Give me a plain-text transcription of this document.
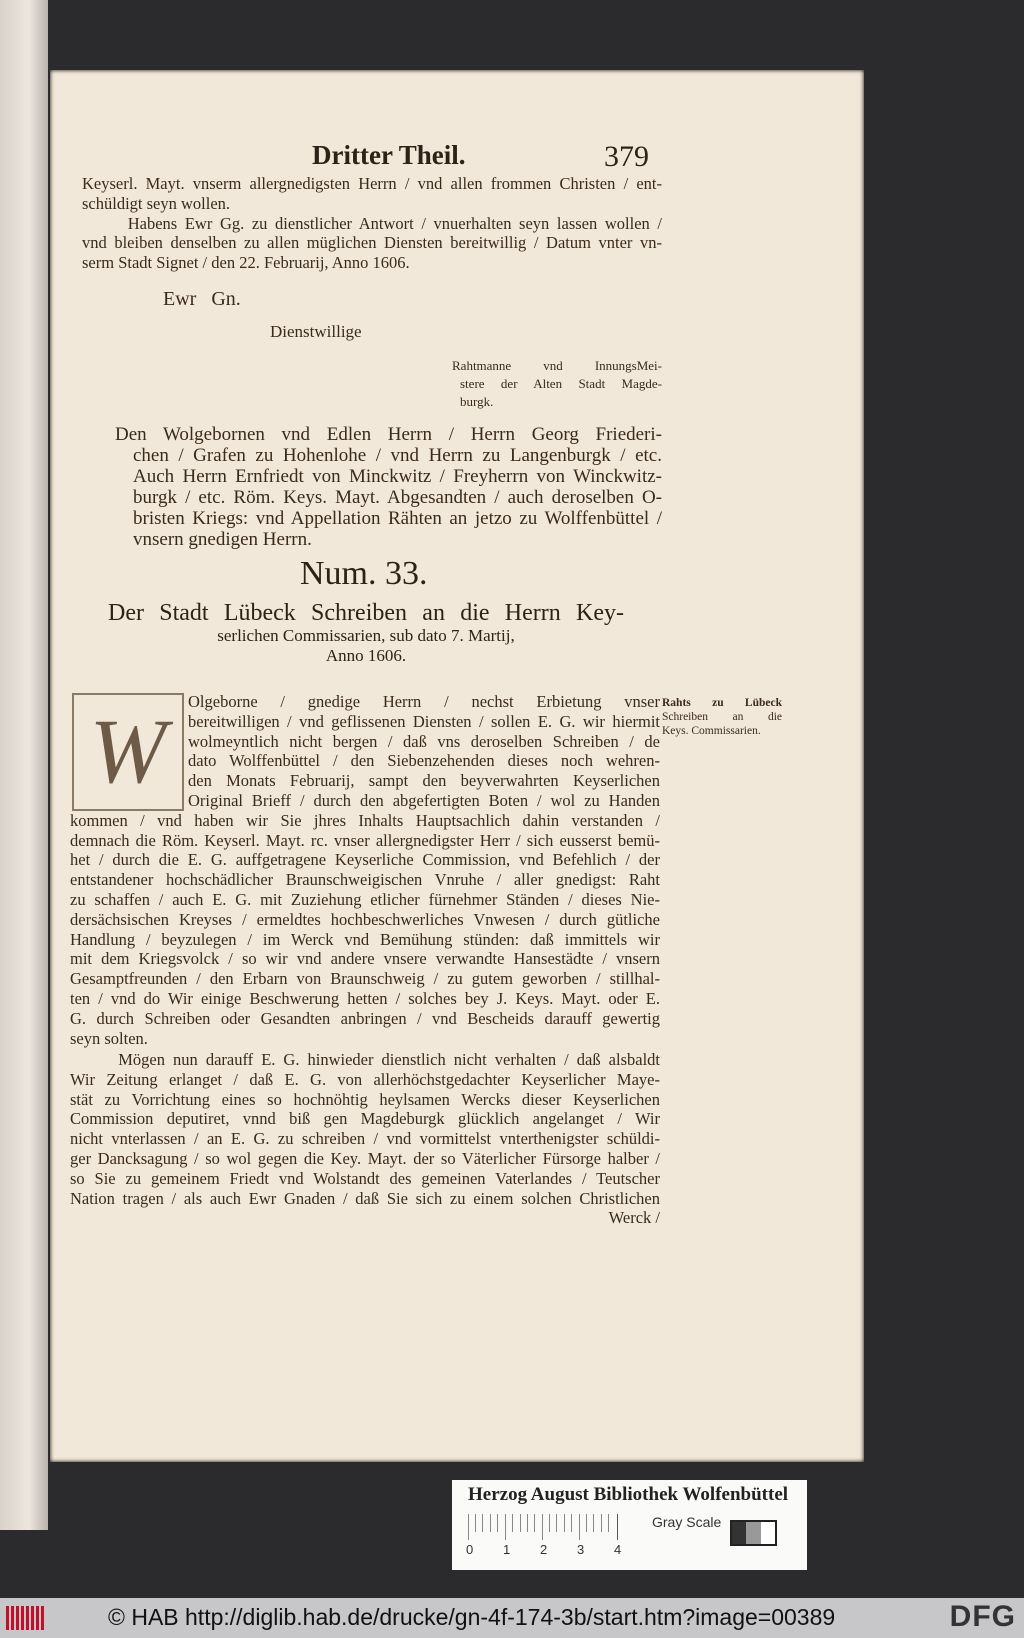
Dritter Theil.	379
Keyserl. Mayt. vnserm allergnedigsten Herrn / vnd allen frommen Christen / ent-
schüldigt seyn wollen.
Habens Ewr Gg. zu dienstlicher Antwort / vnuerhalten seyn lassen wollen /
vnd bleiben denselben zu allen müglichen Diensten bereitwillig / Datum vnter vn-
serm Stadt Signet / den 22. Februarij, Anno 1606.
Ewr   Gn.
Dienstwillige
Rahtmanne vnd InnungsMei-
stere der Alten Stadt Magde-
burgk.
Den Wolgebornen vnd Edlen Herrn / Herrn Georg Friederi-
chen / Grafen zu Hohenlohe / vnd Herrn zu Langenburgk / etc.
Auch Herrn Ernfriedt von Minckwitz / Freyherrn von Winckwitz-
burgk / etc. Röm. Keys. Mayt. Abgesandten / auch deroselben O-
bristen Kriegs: vnd Appellation Rähten an jetzo zu Wolffenbüttel /
vnsern gnedigen Herrn.
Num. 33.
Der Stadt Lübeck Schreiben an die Herrn Key-
serlichen Commissarien, sub dato 7. Martij,
Anno 1606.
W	Olgeborne / gnedige Herrn / nechst Erbietung vnser
bereitwilligen / vnd geflissenen Diensten / sollen E. G. wir hiermit
wolmeyntlich nicht bergen / daß vns deroselben Schreiben / de
dato Wolffenbüttel / den Siebenzehenden dieses noch wehren-
den Monats Februarij, sampt den beyverwahrten Keyserlichen
Original Brieff / durch den abgefertigten Boten / wol zu Handen
kommen / vnd haben wir Sie jhres Inhalts Hauptsachlich dahin verstanden /
demnach die Röm. Keyserl. Mayt. rc. vnser allergnedigster Herr / sich eusserst bemü-
het / durch die E. G. auffgetragene Keyserliche Commission, vnd Befehlich / der
entstandener hochschädlicher Braunschweigischen Vnruhe / aller gnedigst: Raht
zu schaffen / auch E. G. mit Zuziehung etlicher fürnehmer Ständen / dieses Nie-
dersächsischen Kreyses / ermeldtes hochbeschwerliches Vnwesen / durch gütliche
Handlung / beyzulegen / im Werck vnd Bemühung stünden: daß immittels wir
mit dem Kriegsvolck / so wir vnd andere vnsere verwandte Hansestädte / vnsern
Gesamptfreunden / den Erbarn von Braunschweig / zu gutem geworben / stillhal-
ten / vnd do Wir einige Beschwerung hetten / solches bey J. Keys. Mayt. oder E.
G. durch Schreiben oder Gesandten anbringen / vnd Bescheids darauff gewertig
seyn solten.
Rahts zu Lübeck
Schreiben an die
Keys. Commissarien.
Mögen nun darauff E. G. hinwieder dienstlich nicht verhalten / daß alsbaldt
Wir Zeitung erlanget / daß E. G. von allerhöchstgedachter Keyserlicher Maye-
stät zu Vorrichtung eines so hochnöhtig heylsamen Wercks dieser Keyserlichen
Commission deputiret, vnnd biß gen Magdeburgk glücklich angelanget / Wir
nicht vnterlassen / an E. G. zu schreiben / vnd vormittelst vnterthenigster schüldi-
ger Dancksagung / so wol gegen die Key. Mayt. der so Väterlicher Fürsorge halber /
so Sie zu gemeinem Friedt vnd Wolstandt des gemeinen Vaterlandes / Teutscher
Nation tragen / als auch Ewr Gnaden / daß Sie sich zu einem solchen Christlichen
Werck /
Herzog August Bibliothek Wolfenbüttel
0 1 2 3 4
Gray Scale
© HAB http://diglib.hab.de/drucke/gn-4f-174-3b/start.htm?image=00389	DFG
